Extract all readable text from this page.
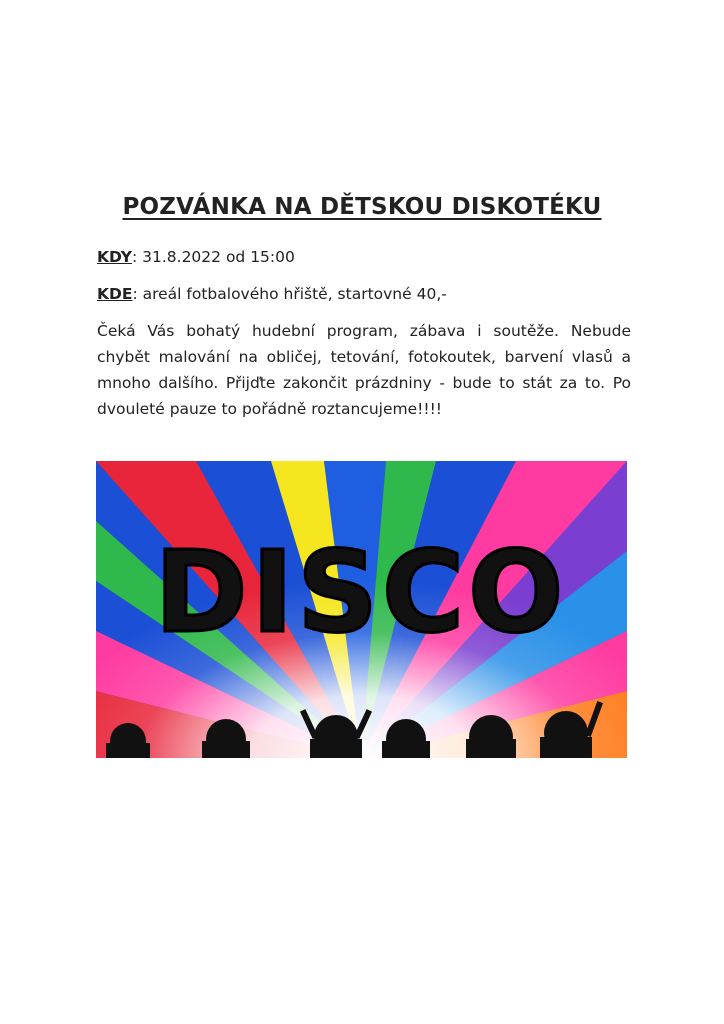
POZVÁNKA NA DĚTSKOU DISKOTÉKU
KDY: 31.8.2022 od 15:00
KDE: areál fotbalového hřiště, startovné 40,-
Čeká Vás bohatý hudební program, zábava i soutěže. Nebude chybět malování na obličej, tetování, fotokoutek, barvení vlasů a mnoho dalšího. Přijďte zakončit prázdniny - bude to stát za to. Po dvouleté pauze to pořádně roztancujeme!!!!
DISCO
